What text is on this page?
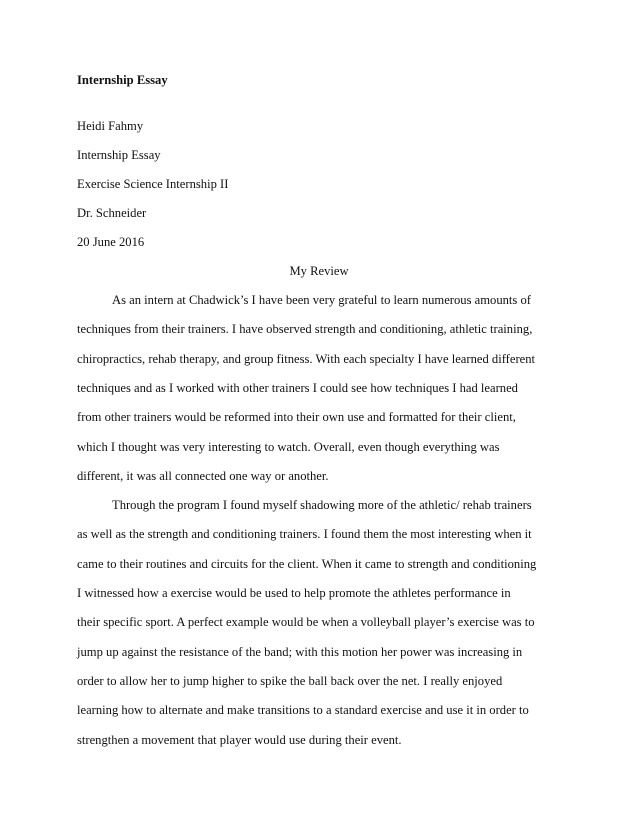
Internship Essay
Heidi Fahmy
Internship Essay
Exercise Science Internship II
Dr. Schneider
20 June 2016
My Review
As an intern at Chadwick’s I have been very grateful to learn numerous amounts of
techniques from their trainers. I have observed strength and conditioning, athletic training,
chiropractics, rehab therapy, and group fitness. With each specialty I have learned different
techniques and as I worked with other trainers I could see how techniques I had learned
from other trainers would be reformed into their own use and formatted for their client,
which I thought was very interesting to watch. Overall, even though everything was
different, it was all connected one way or another.
Through the program I found myself shadowing more of the athletic/ rehab trainers
as well as the strength and conditioning trainers. I found them the most interesting when it
came to their routines and circuits for the client. When it came to strength and conditioning
I witnessed how a exercise would be used to help promote the athletes performance in
their specific sport. A perfect example would be when a volleyball player’s exercise was to
jump up against the resistance of the band; with this motion her power was increasing in
order to allow her to jump higher to spike the ball back over the net. I really enjoyed
learning how to alternate and make transitions to a standard exercise and use it in order to
strengthen a movement that player would use during their event.
